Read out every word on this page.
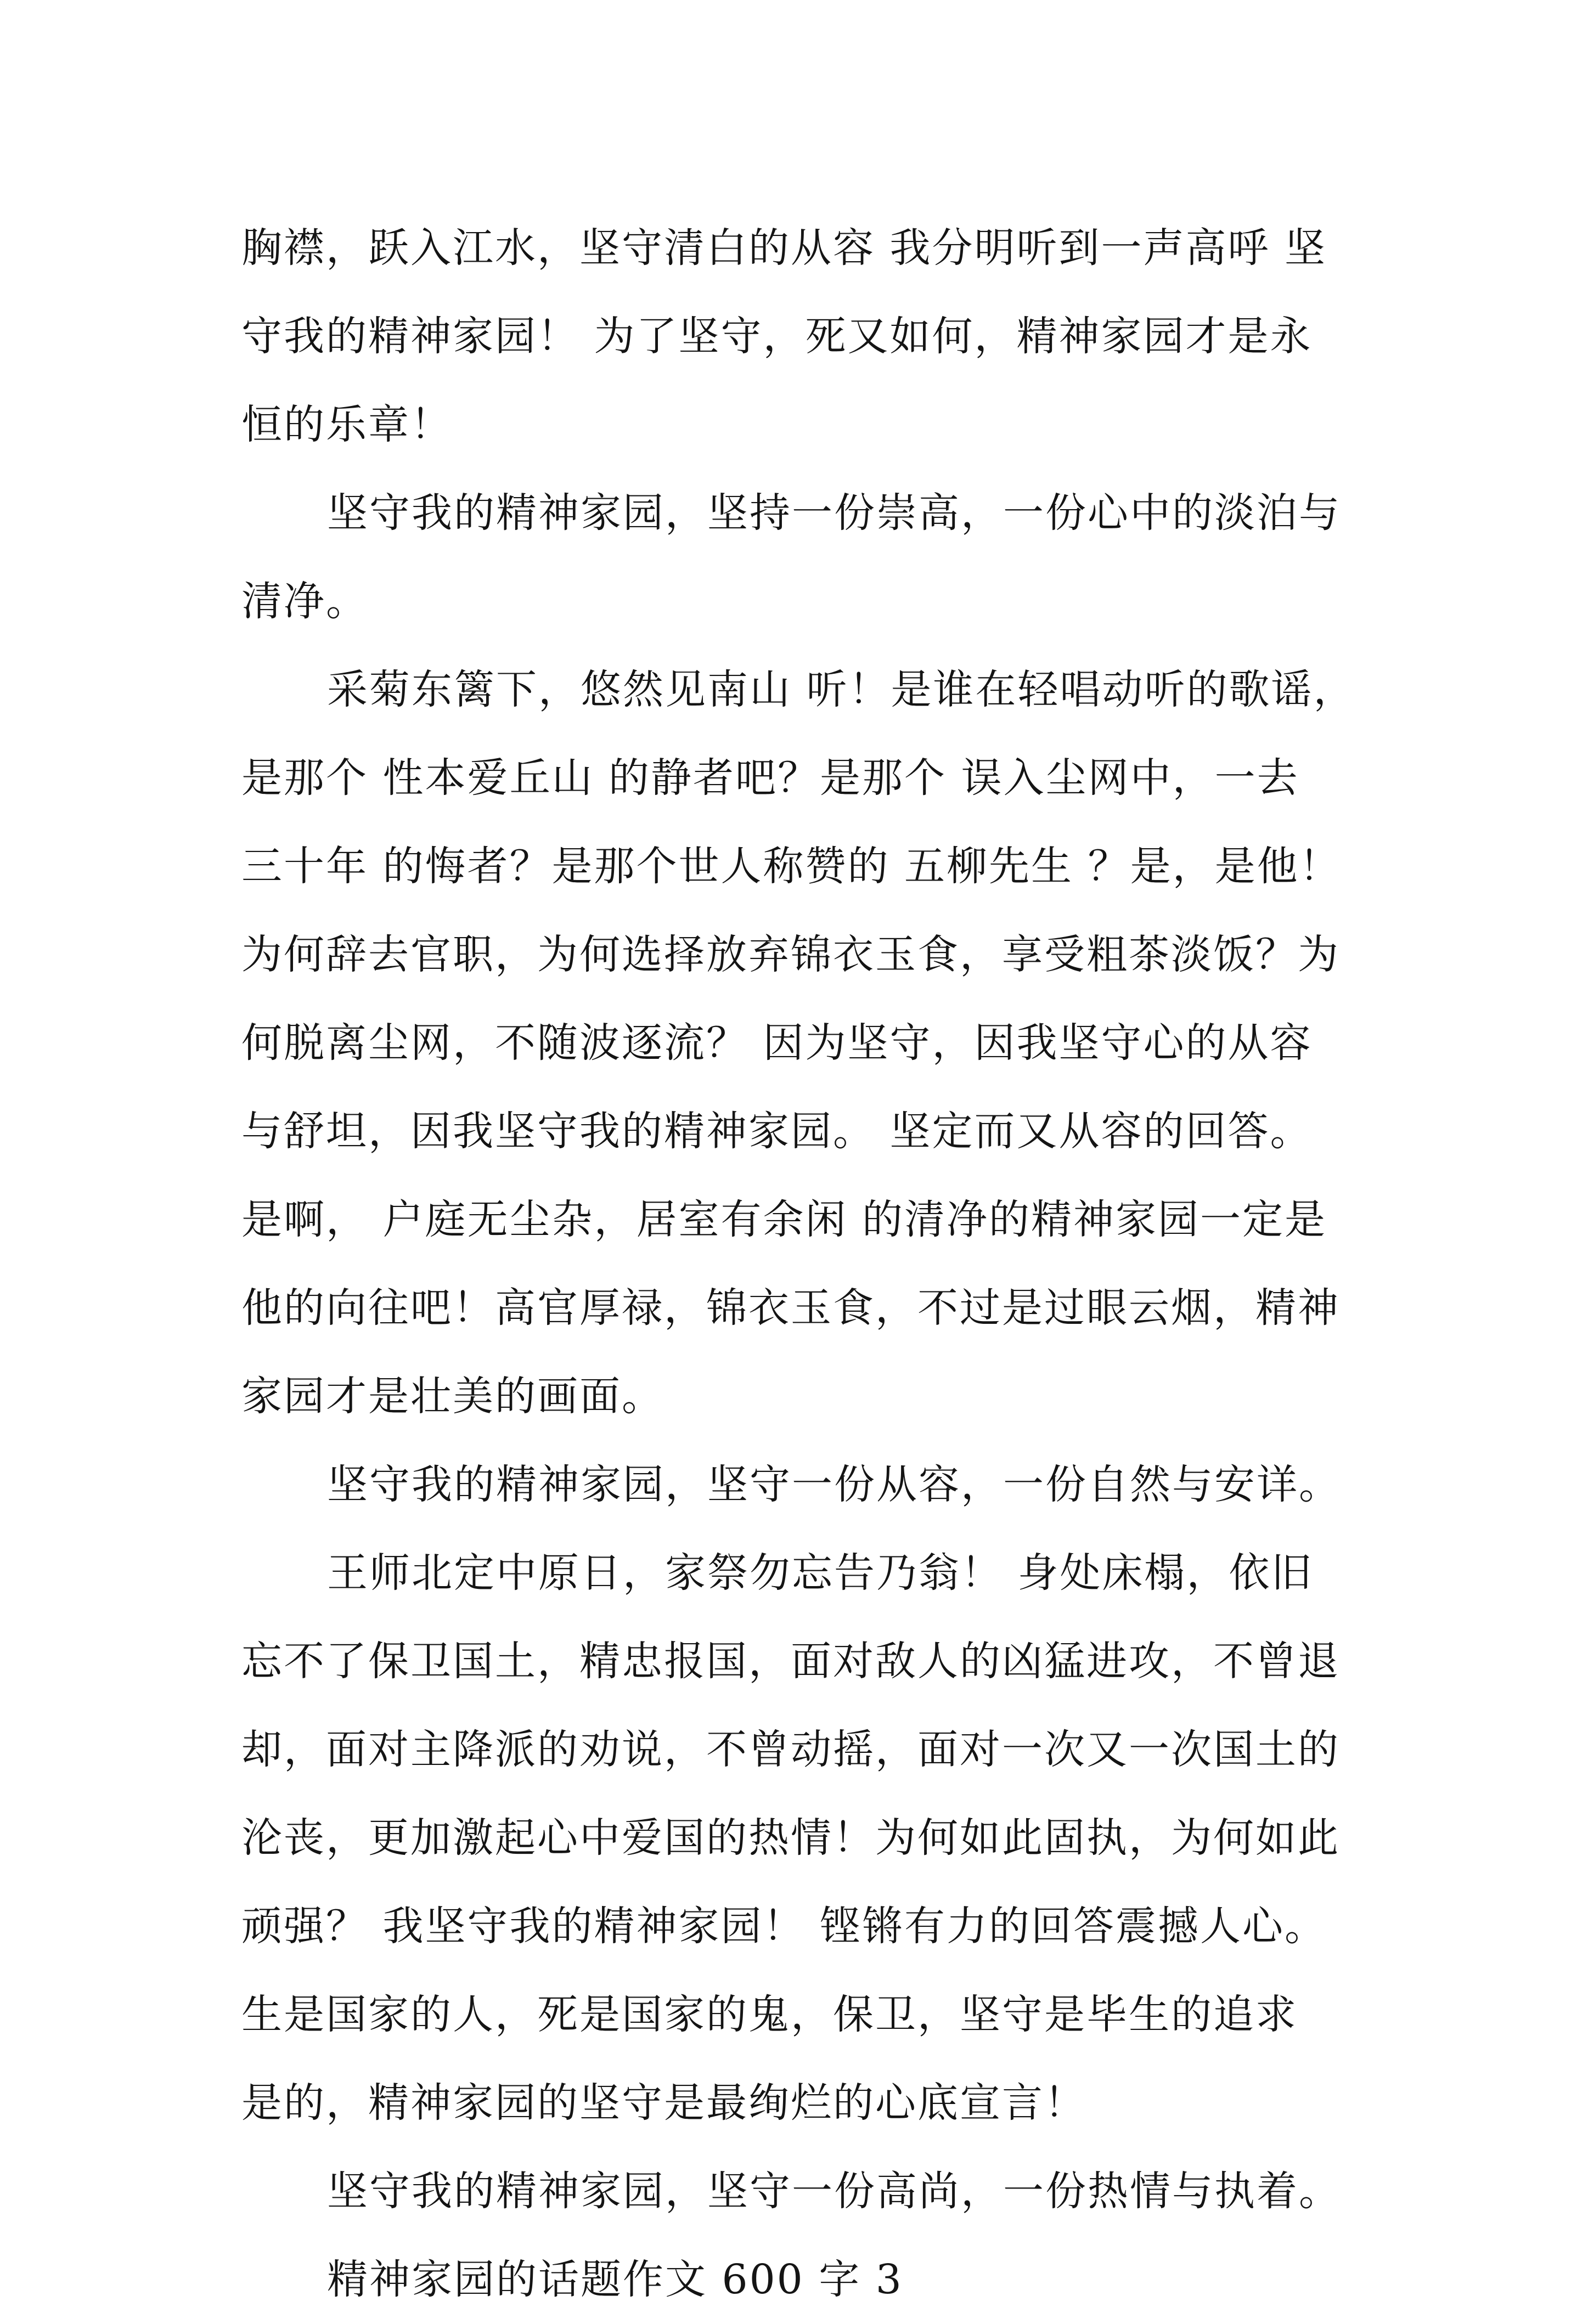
胸襟，跃入江水，坚守清白的从容 我分明听到一声高呼 坚

守我的精神家园！ 为了坚守，死又如何，精神家园才是永

恒的乐章！

坚守我的精神家园，坚持一份崇高，一份心中的淡泊与

清净。

采菊东篱下，悠然见南山 听！是谁在轻唱动听的歌谣，

是那个 性本爱丘山 的静者吧？是那个 误入尘网中，一去

三十年 的悔者？是那个世人称赞的 五柳先生 ？是，是他！

为何辞去官职，为何选择放弃锦衣玉食，享受粗茶淡饭？为

何脱离尘网，不随波逐流？ 因为坚守，因我坚守心的从容

与舒坦，因我坚守我的精神家园。 坚定而又从容的回答。

是啊， 户庭无尘杂，居室有余闲 的清净的精神家园一定是

他的向往吧！高官厚禄，锦衣玉食，不过是过眼云烟，精神

家园才是壮美的画面。

坚守我的精神家园，坚守一份从容，一份自然与安详。

王师北定中原日，家祭勿忘告乃翁！ 身处床榻，依旧

忘不了保卫国土，精忠报国，面对敌人的凶猛进攻，不曾退

却，面对主降派的劝说，不曾动摇，面对一次又一次国土的

沦丧，更加激起心中爱国的热情！为何如此固执，为何如此

顽强？ 我坚守我的精神家园！ 铿锵有力的回答震撼人心。

生是国家的人，死是国家的鬼，保卫，坚守是毕生的追求

是的，精神家园的坚守是最绚烂的心底宣言！

坚守我的精神家园，坚守一份高尚，一份热情与执着。

精神家园的话题作文 600 字 3
